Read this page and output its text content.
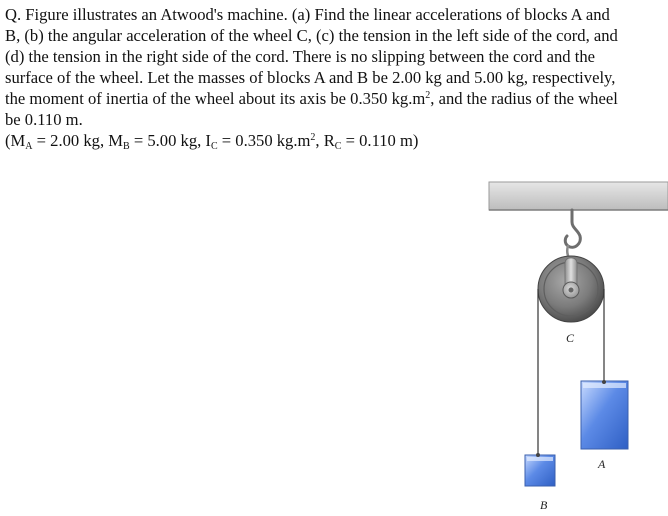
Q. Figure illustrates an Atwood's machine. (a) Find the linear accelerations of blocks A and
B, (b) the angular acceleration of the wheel C, (c) the tension in the left side of the cord, and
(d) the tension in the right side of the cord. There is no slipping between the cord and the
surface of the wheel. Let the masses of blocks A and B be 2.00 kg and 5.00 kg, respectively,
the moment of inertia of the wheel about its axis be 0.350 $kg.m^2$, and the radius of the wheel
be 0.110 m.
($M_A = 2.00$ kg, $M_B = 5.00$ kg, $I_C = 0.350$ $kg.m^2$, $R_C = 0.110$ m)
C
A
B
